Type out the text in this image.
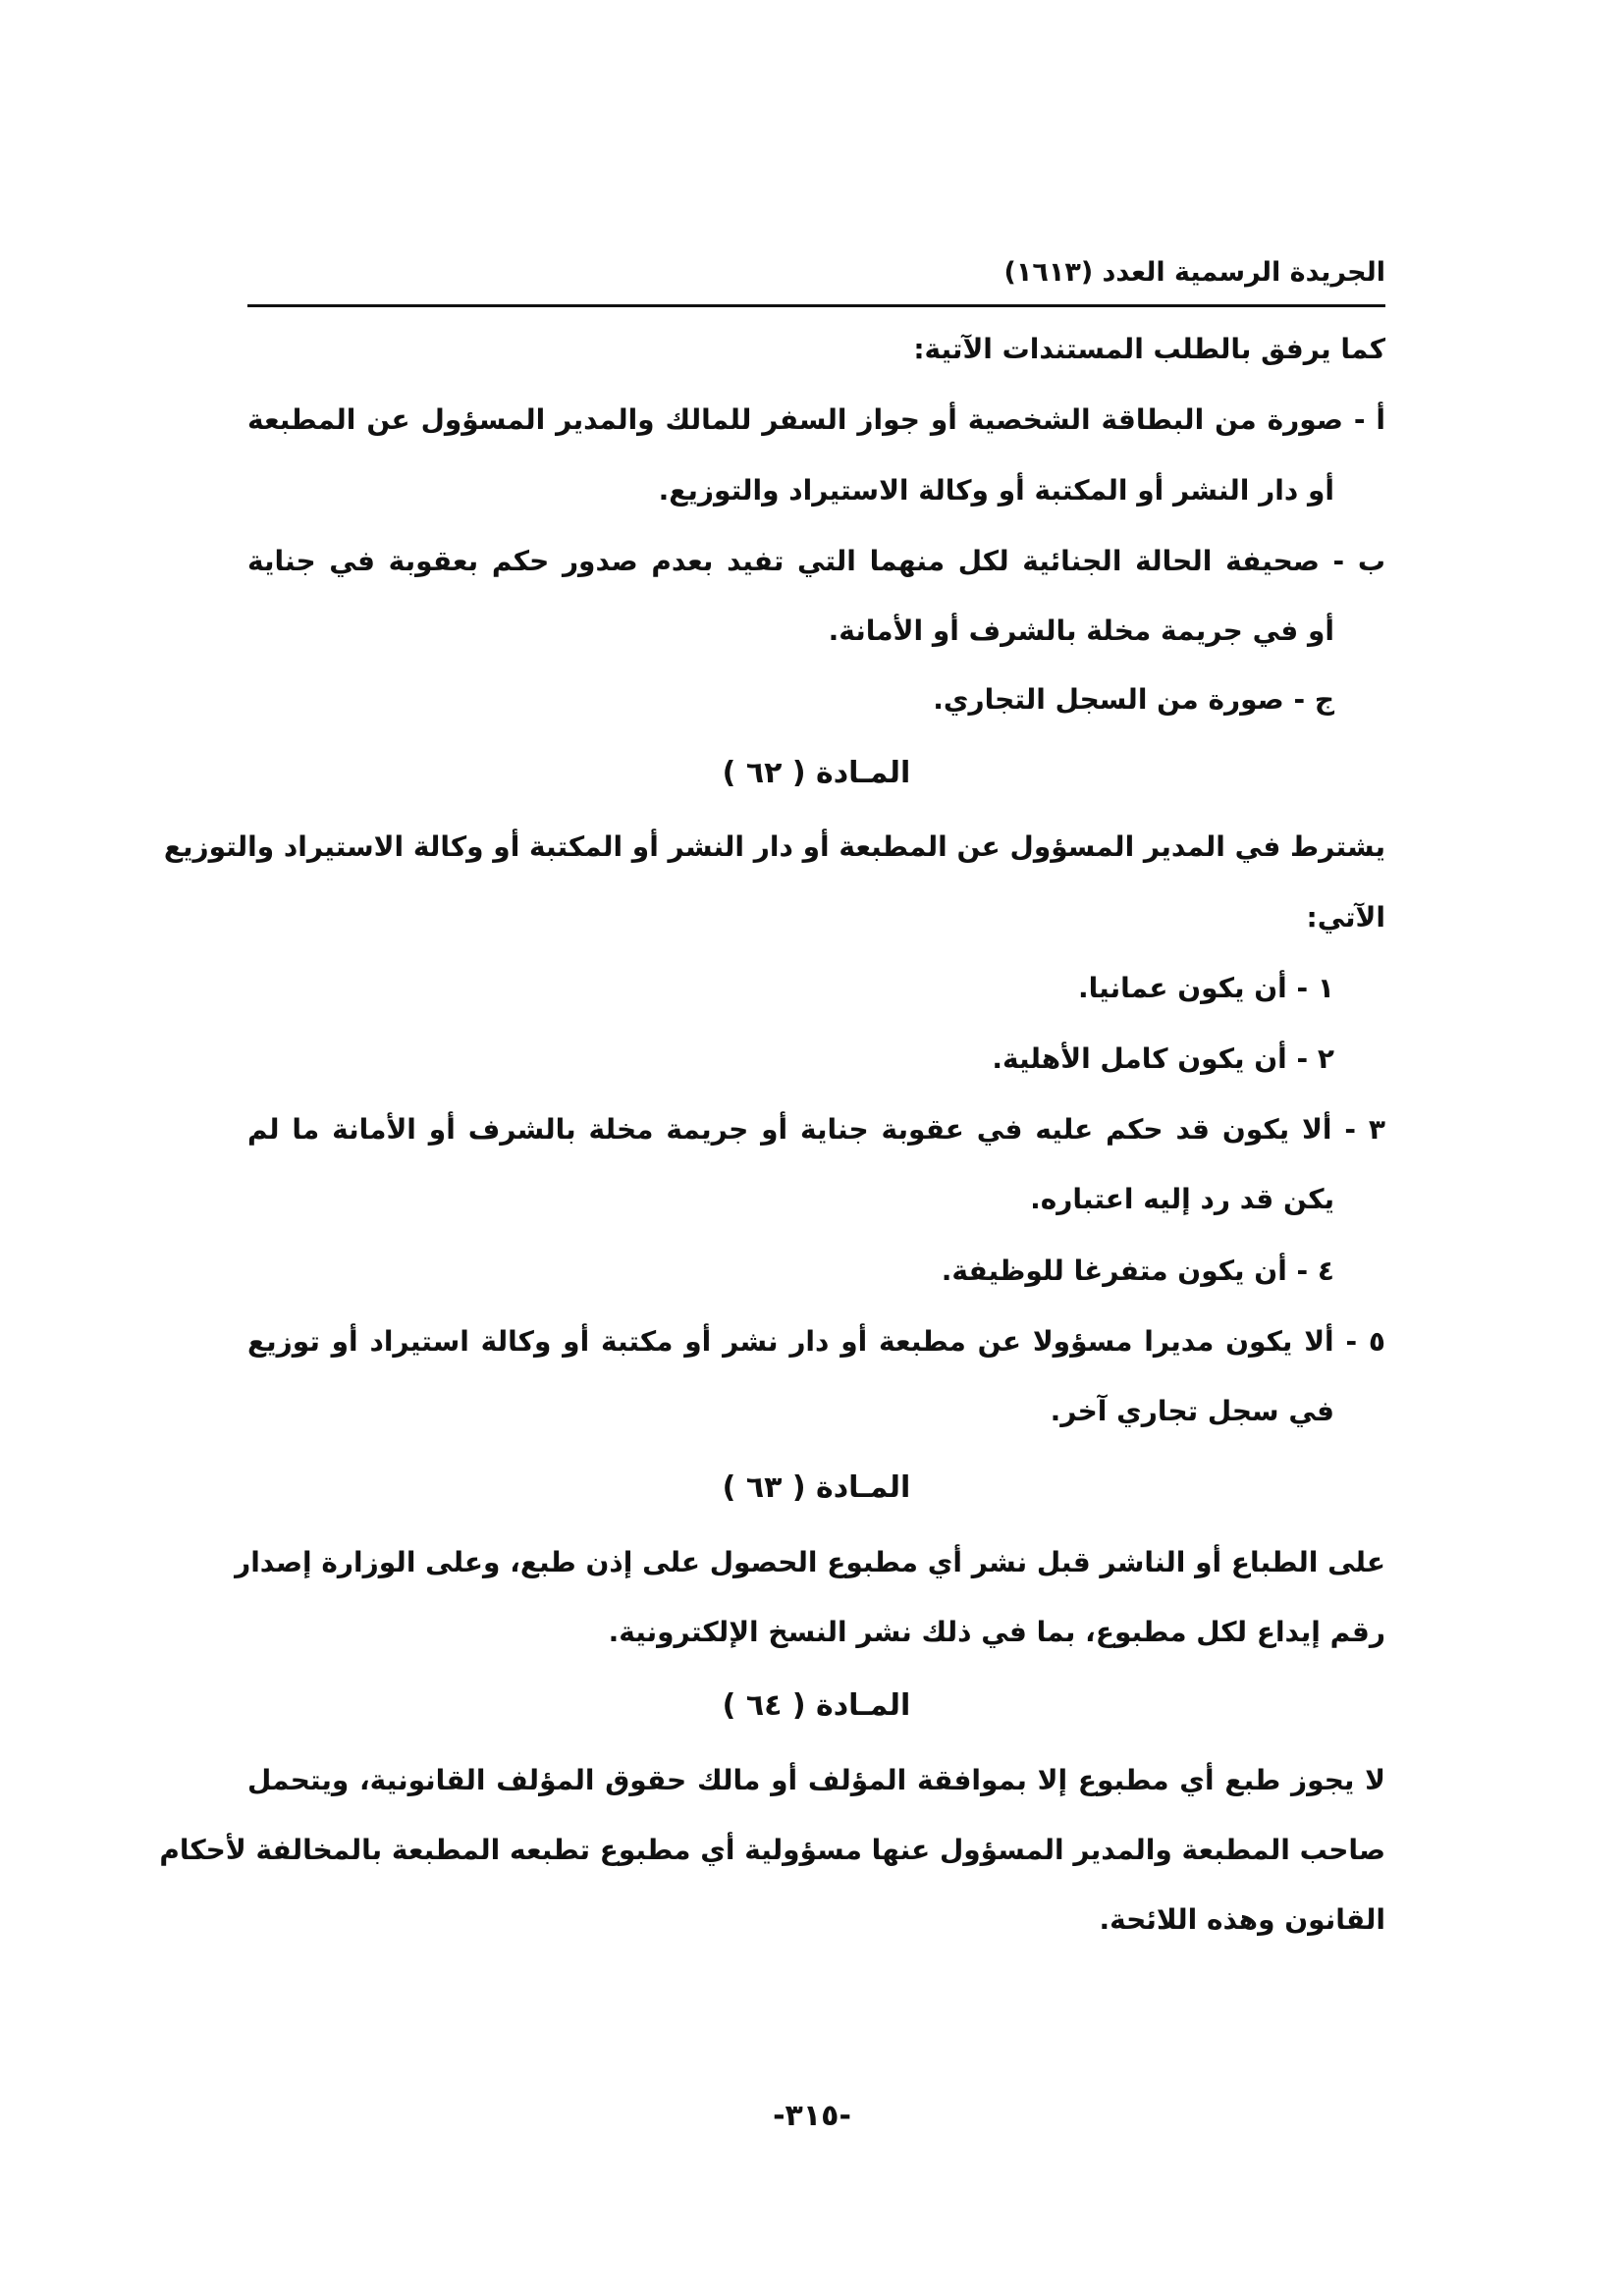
الجريدة الرسمية العدد (١٦١٣)
كما يرفق بالطلب المستندات الآتية:
أ - صورة من البطاقة الشخصية أو جواز السفر للمالك والمدير المسؤول عن المطبعة
أو دار النشر أو المكتبة أو وكالة الاستيراد والتوزيع.
ب - صحيفة الحالة الجنائية لكل منهما التي تفيد بعدم صدور حكم بعقوبة في جناية
أو في جريمة مخلة بالشرف أو الأمانة.
ج - صورة من السجل التجاري.
المـادة ( ٦٢ )
يشترط في المدير المسؤول عن المطبعة أو دار النشر أو المكتبة أو وكالة الاستيراد والتوزيع
الآتي:
١ - أن يكون عمانيا.
٢ - أن يكون كامل الأهلية.
٣ - ألا يكون قد حكم عليه في عقوبة جناية أو جريمة مخلة بالشرف أو الأمانة ما لم
يكن قد رد إليه اعتباره.
٤ - أن يكون متفرغا للوظيفة.
٥ - ألا يكون مديرا مسؤولا عن مطبعة أو دار نشر أو مكتبة أو وكالة استيراد أو توزيع
في سجل تجاري آخر.
المـادة ( ٦٣ )
على الطباع أو الناشر قبل نشر أي مطبوع الحصول على إذن طبع، وعلى الوزارة إصدار
رقم إيداع لكل مطبوع، بما في ذلك نشر النسخ الإلكترونية.
المـادة ( ٦٤ )
لا يجوز طبع أي مطبوع إلا بموافقة المؤلف أو مالك حقوق المؤلف القانونية، ويتحمل
صاحب المطبعة والمدير المسؤول عنها مسؤولية أي مطبوع تطبعه المطبعة بالمخالفة لأحكام
القانون وهذه اللائحة.
-٣١٥-
